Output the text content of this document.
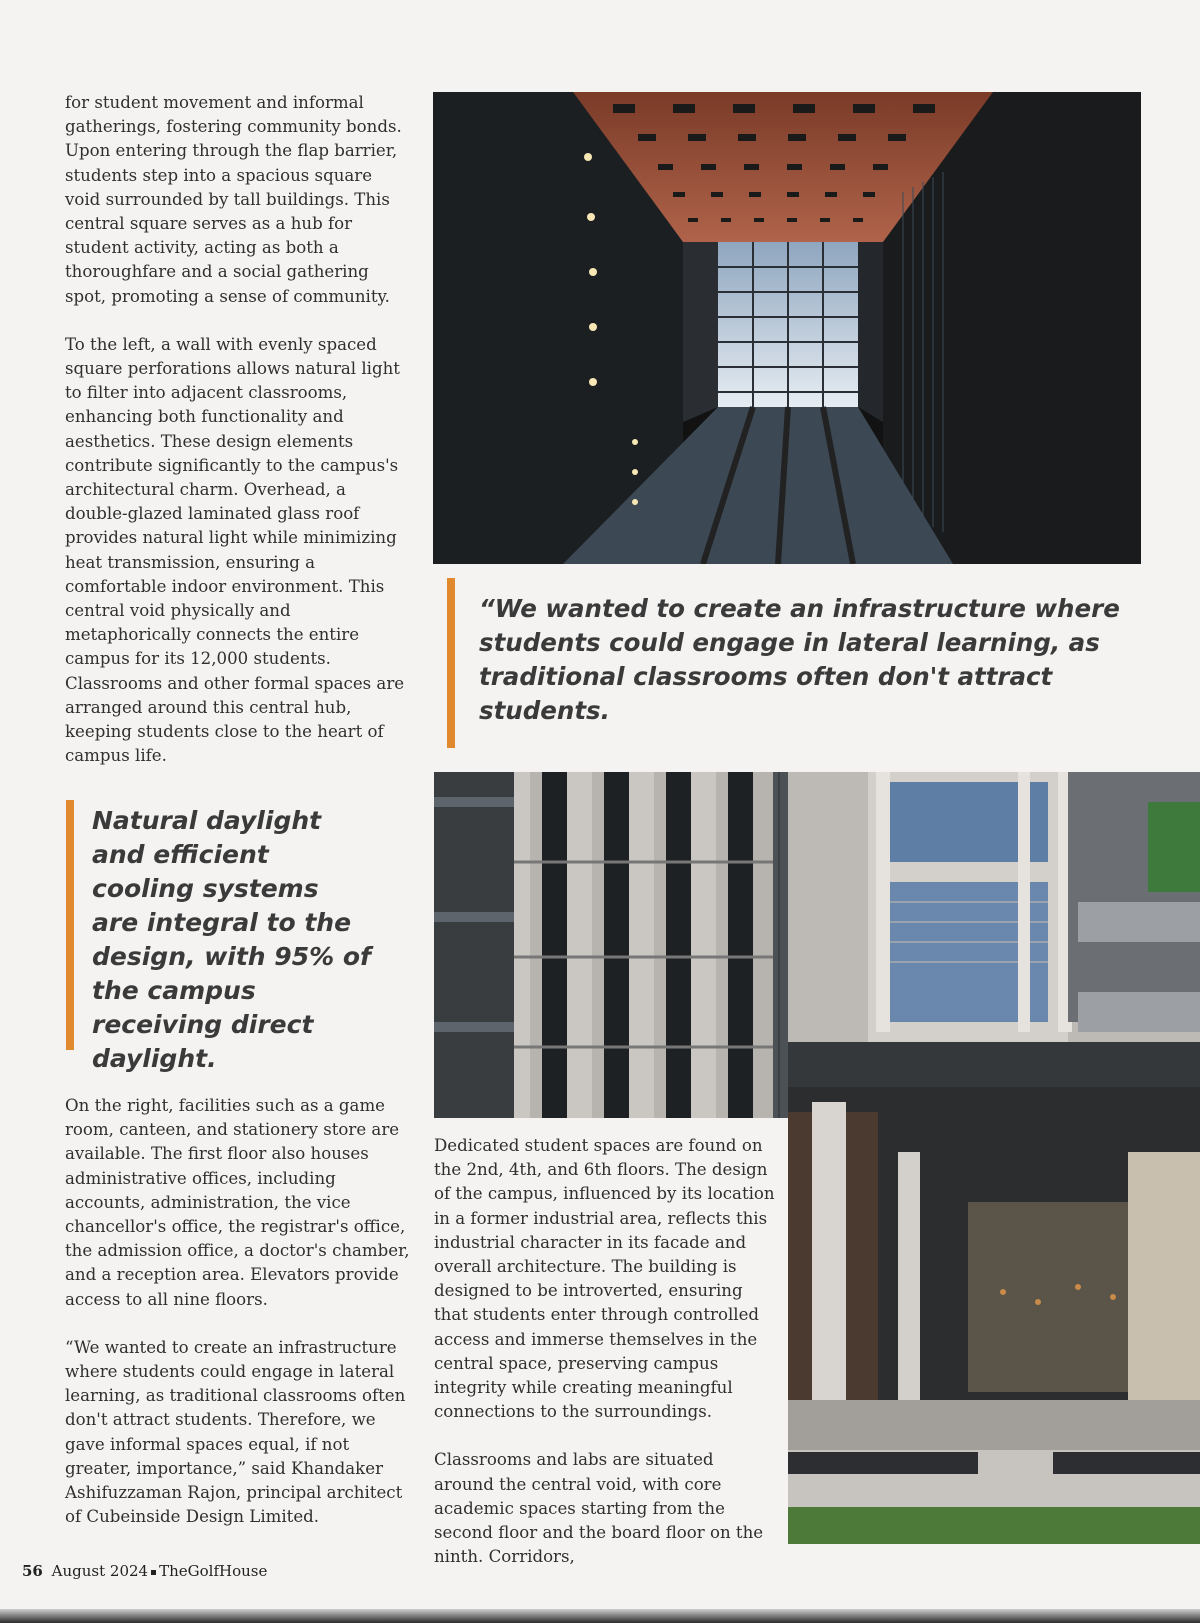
for student movement and informal gatherings, fostering community bonds. Upon entering through the flap barrier, students step into a spacious square void surrounded by tall buildings. This central square serves as a hub for student activity, acting as both a thoroughfare and a social gathering spot, promoting a sense of community.

To the left, a wall with evenly spaced square perforations allows natural light to filter into adjacent classrooms, enhancing both functionality and aesthetics. These design elements contribute significantly to the campus's architectural charm. Overhead, a double-glazed laminated glass roof provides natural light while minimizing heat transmission, ensuring a comfortable indoor environment. This central void physically and metaphorically connects the entire campus for its 12,000 students. Classrooms and other formal spaces are arranged around this central hub, keeping students close to the heart of campus life.

“We wanted to create an infrastructure where students could engage in lateral learning, as traditional classrooms often don't attract students.
Natural daylight and efficient cooling systems are integral to the design, with 95% of the campus receiving direct daylight.

On the right, facilities such as a game room, canteen, and stationery store are available. The first floor also houses administrative offices, including accounts, administration, the vice chancellor's office, the registrar's office, the admission office, a doctor's chamber, and a reception area. Elevators provide access to all nine floors.

“We wanted to create an infrastructure where students could engage in lateral learning, as traditional classrooms often don't attract students. Therefore, we gave informal spaces equal, if not greater, importance,” said Khandaker Ashifuzzaman Rajon, principal architect of Cubeinside Design Limited.

Dedicated student spaces are found on the 2nd, 4th, and 6th floors. The design of the campus, influenced by its location in a former industrial area, reflects this industrial character in its facade and overall architecture. The building is designed to be introverted, ensuring that students enter through controlled access and immerse themselves in the central space, preserving campus integrity while creating meaningful connections to the surroundings.

Classrooms and labs are situated around the central void, with core academic spaces starting from the second floor and the board floor on the ninth. Corridors,

56 August 2024 TheGolfHouse
